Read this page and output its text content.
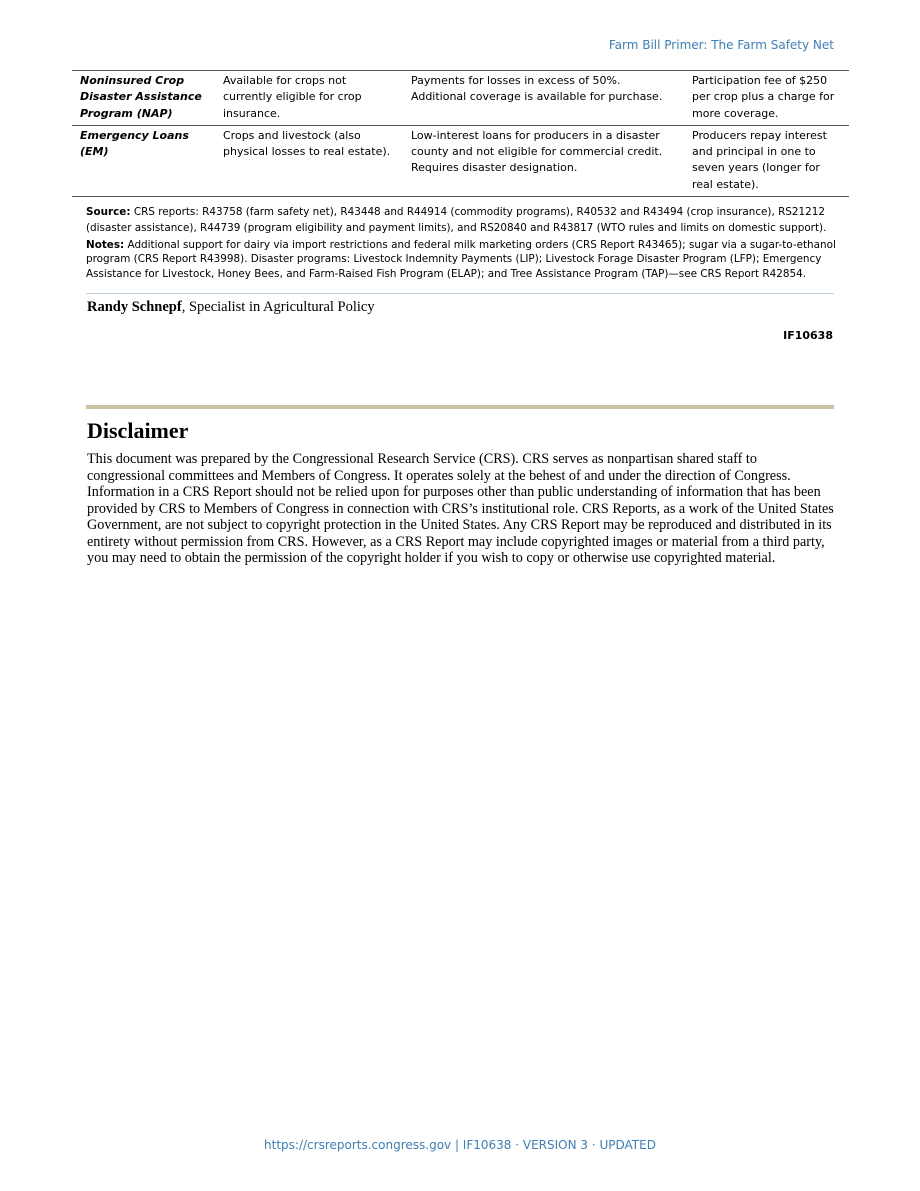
Farm Bill Primer: The Farm Safety Net
Noninsured Crop Disaster Assistance Program (NAP)	Available for crops not currently eligible for crop insurance.	Payments for losses in excess of 50%. Additional coverage is available for purchase.	Participation fee of $250 per crop plus a charge for more coverage.
Emergency Loans (EM)	Crops and livestock (also physical losses to real estate).	Low-interest loans for producers in a disaster county and not eligible for commercial credit. Requires disaster designation.	Producers repay interest and principal in one to seven years (longer for real estate).

Source: CRS reports: R43758 (farm safety net), R43448 and R44914 (commodity programs), R40532 and R43494 (crop insurance), RS21212 (disaster assistance), R44739 (program eligibility and payment limits), and RS20840 and R43817 (WTO rules and limits on domestic support).

Notes: Additional support for dairy via import restrictions and federal milk marketing orders (CRS Report R43465); sugar via a sugar-to-ethanol program (CRS Report R43998). Disaster programs: Livestock Indemnity Payments (LIP); Livestock Forage Disaster Program (LFP); Emergency Assistance for Livestock, Honey Bees, and Farm-Raised Fish Program (ELAP); and Tree Assistance Program (TAP)—see CRS Report R42854.

Randy Schnepf, Specialist in Agricultural Policy
IF10638
Disclaimer

This document was prepared by the Congressional Research Service (CRS). CRS serves as nonpartisan shared staff to congressional committees and Members of Congress. It operates solely at the behest of and under the direction of Congress. Information in a CRS Report should not be relied upon for purposes other than public understanding of information that has been provided by CRS to Members of Congress in connection with CRS’s institutional role. CRS Reports, as a work of the United States Government, are not subject to copyright protection in the United States. Any CRS Report may be reproduced and distributed in its entirety without permission from CRS. However, as a CRS Report may include copyrighted images or material from a third party, you may need to obtain the permission of the copyright holder if you wish to copy or otherwise use copyrighted material.

https://crsreports.congress.gov | IF10638 · VERSION 3 · UPDATED
